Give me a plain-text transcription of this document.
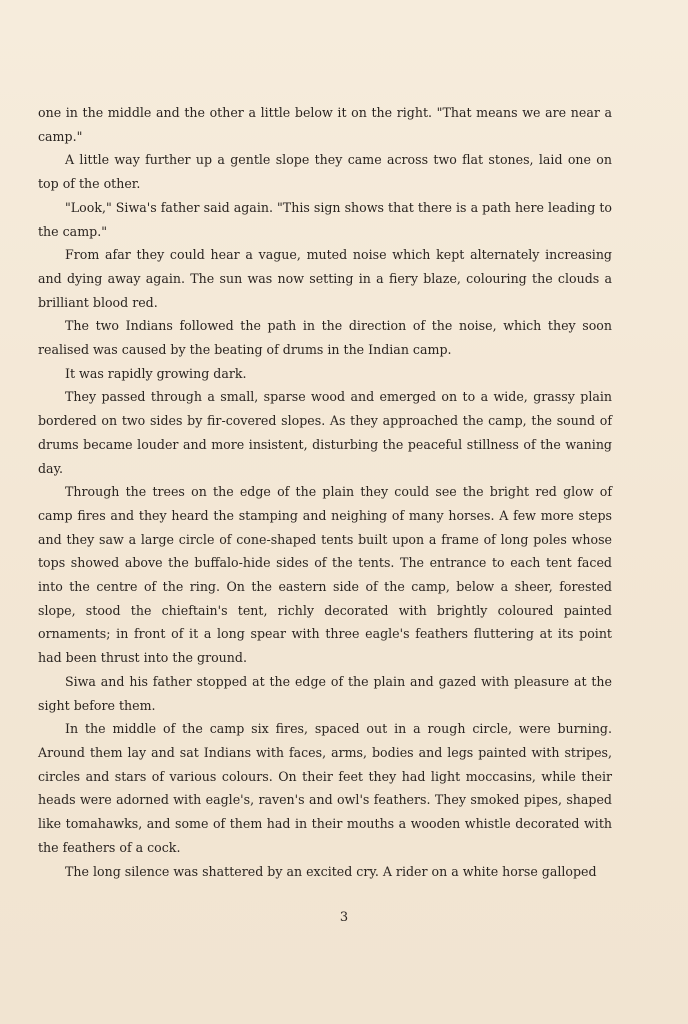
one in the middle and the other a little below it on the right. "That means we are near a camp."

A little way further up a gentle slope they came across two flat stones, laid one on top of the other.

"Look," Siwa's father said again. "This sign shows that there is a path here leading to the camp."

From afar they could hear a vague, muted noise which kept alternately increasing and dying away again. The sun was now setting in a fiery blaze, colouring the clouds a brilliant blood red.

The two Indians followed the path in the direction of the noise, which they soon realised was caused by the beating of drums in the Indian camp.

It was rapidly growing dark.

They passed through a small, sparse wood and emerged on to a wide, grassy plain bordered on two sides by fir-covered slopes. As they approached the camp, the sound of drums became louder and more insistent, disturbing the peaceful stillness of the waning day.

Through the trees on the edge of the plain they could see the bright red glow of camp fires and they heard the stamping and neighing of many horses. A few more steps and they saw a large circle of cone-shaped tents built upon a frame of long poles whose tops showed above the buffalo-hide sides of the tents. The entrance to each tent faced into the centre of the ring. On the eastern side of the camp, below a sheer, forested slope, stood the chieftain's tent, richly decorated with brightly coloured painted ornaments; in front of it a long spear with three eagle's feathers fluttering at its point had been thrust into the ground.

Siwa and his father stopped at the edge of the plain and gazed with pleasure at the sight before them.

In the middle of the camp six fires, spaced out in a rough circle, were burning. Around them lay and sat Indians with faces, arms, bodies and legs painted with stripes, circles and stars of various colours. On their feet they had light moccasins, while their heads were adorned with eagle's, raven's and owl's feathers. They smoked pipes, shaped like tomahawks, and some of them had in their mouths a wooden whistle decorated with the feathers of a cock.

The long silence was shattered by an excited cry. A rider on a white horse galloped

3
